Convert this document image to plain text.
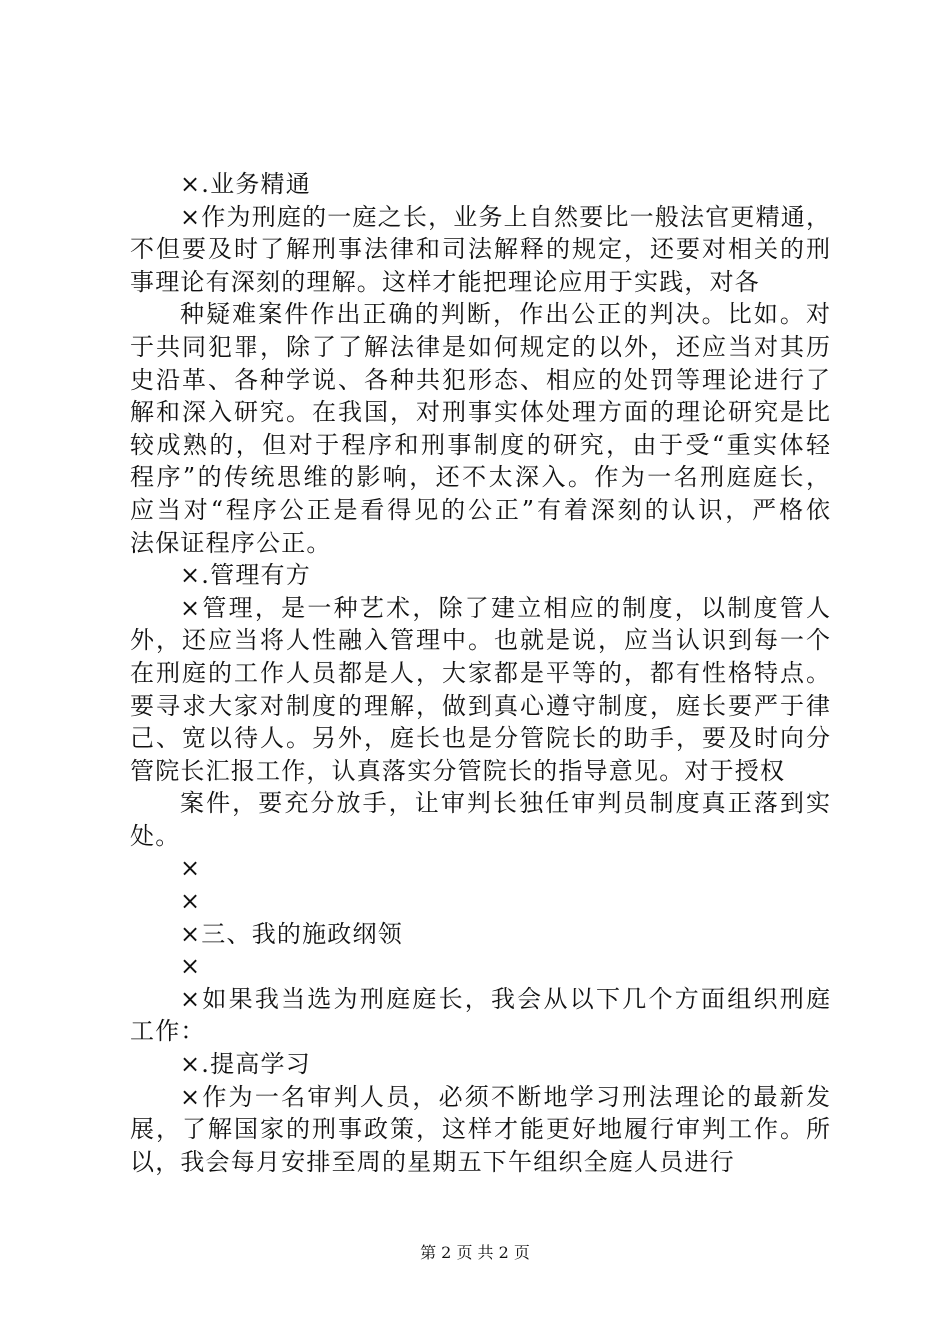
×.业务精通
×作为刑庭的一庭之长，业务上自然要比一般法官更精通，
不但要及时了解刑事法律和司法解释的规定，还要对相关的刑
事理论有深刻的理解。这样才能把理论应用于实践，对各
种疑难案件作出正确的判断，作出公正的判决。比如。对
于共同犯罪，除了了解法律是如何规定的以外，还应当对其历
史沿革、各种学说、各种共犯形态、相应的处罚等理论进行了
解和深入研究。在我国，对刑事实体处理方面的理论研究是比
较成熟的，但对于程序和刑事制度的研究，由于受“重实体轻
程序”的传统思维的影响，还不太深入。作为一名刑庭庭长，
应当对“程序公正是看得见的公正”有着深刻的认识，严格依
法保证程序公正。
×.管理有方
×管理，是一种艺术，除了建立相应的制度，以制度管人
外，还应当将人性融入管理中。也就是说，应当认识到每一个
在刑庭的工作人员都是人，大家都是平等的，都有性格特点。
要寻求大家对制度的理解，做到真心遵守制度，庭长要严于律
己、宽以待人。另外，庭长也是分管院长的助手，要及时向分
管院长汇报工作，认真落实分管院长的指导意见。对于授权
案件，要充分放手，让审判长独任审判员制度真正落到实
处。
×
×
×三、我的施政纲领
×
×如果我当选为刑庭庭长，我会从以下几个方面组织刑庭
工作：
×.提高学习
×作为一名审判人员，必须不断地学习刑法理论的最新发
展，了解国家的刑事政策，这样才能更好地履行审判工作。所
以，我会每月安排至周的星期五下午组织全庭人员进行
第 2 页 共 2 页
